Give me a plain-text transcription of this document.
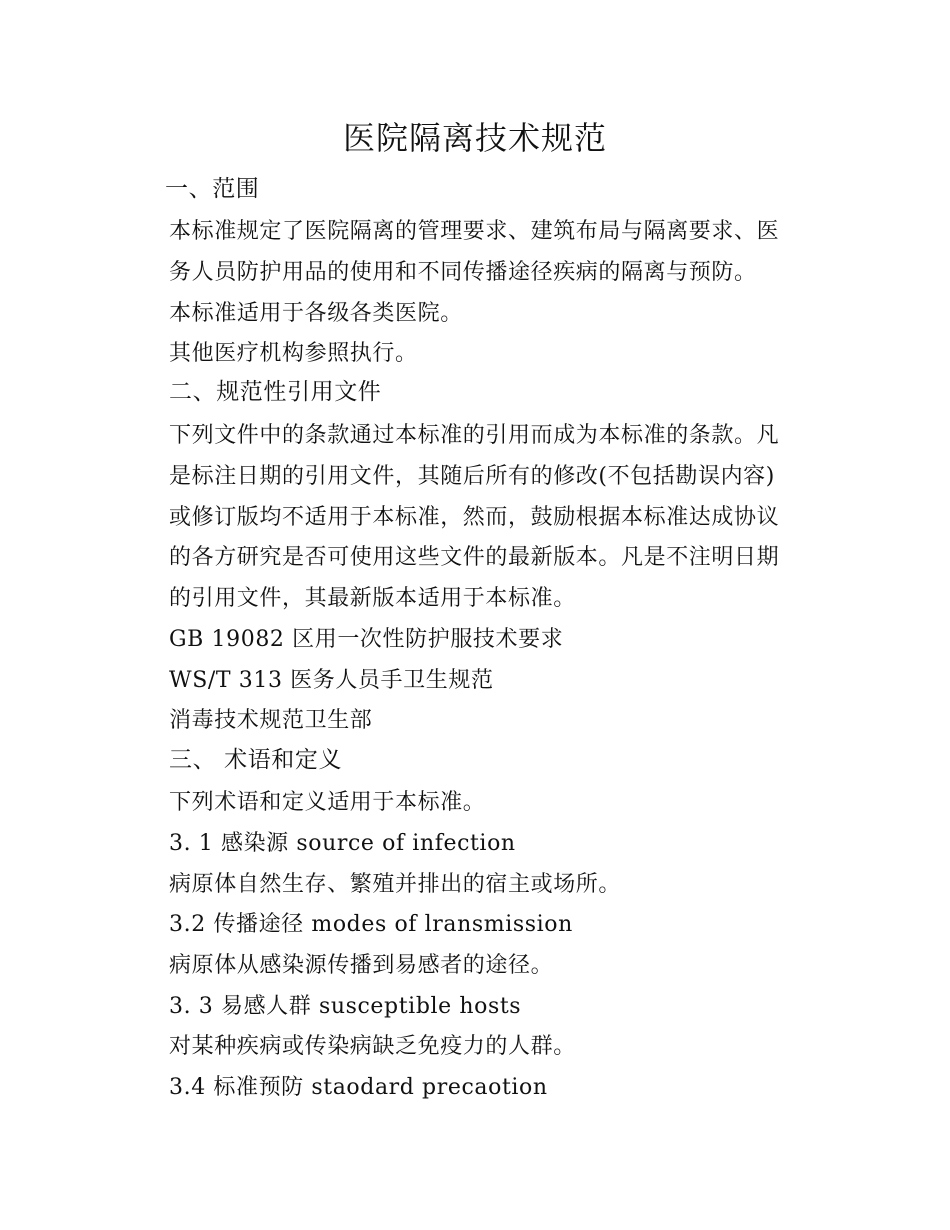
医院隔离技术规范
一、范围
本标准规定了医院隔离的管理要求、建筑布局与隔离要求、医
务人员防护用品的使用和不同传播途径疾病的隔离与预防。
本标准适用于各级各类医院。
其他医疗机构参照执行。
二、规范性引用文件
下列文件中的条款通过本标准的引用而成为本标准的条款。凡
是标注日期的引用文件，其随后所有的修改(不包括勘误内容)
或修订版均不适用于本标准，然而，鼓励根据本标准达成协议
的各方研究是否可使用这些文件的最新版本。凡是不注明日期
的引用文件，其最新版本适用于本标准。
GB 19082 区用一次性防护服技术要求
WS/T 313 医务人员手卫生规范
消毒技术规范卫生部
三、 术语和定义
下列术语和定义适用于本标准。
3. 1 感染源 source of infection
病原体自然生存、繁殖并排出的宿主或场所。
3.2 传播途径 modes of lransmission
病原体从感染源传播到易感者的途径。
3. 3 易感人群 susceptible hosts
对某种疾病或传染病缺乏免疫力的人群。
3.4 标准预防 staodard precaotion
